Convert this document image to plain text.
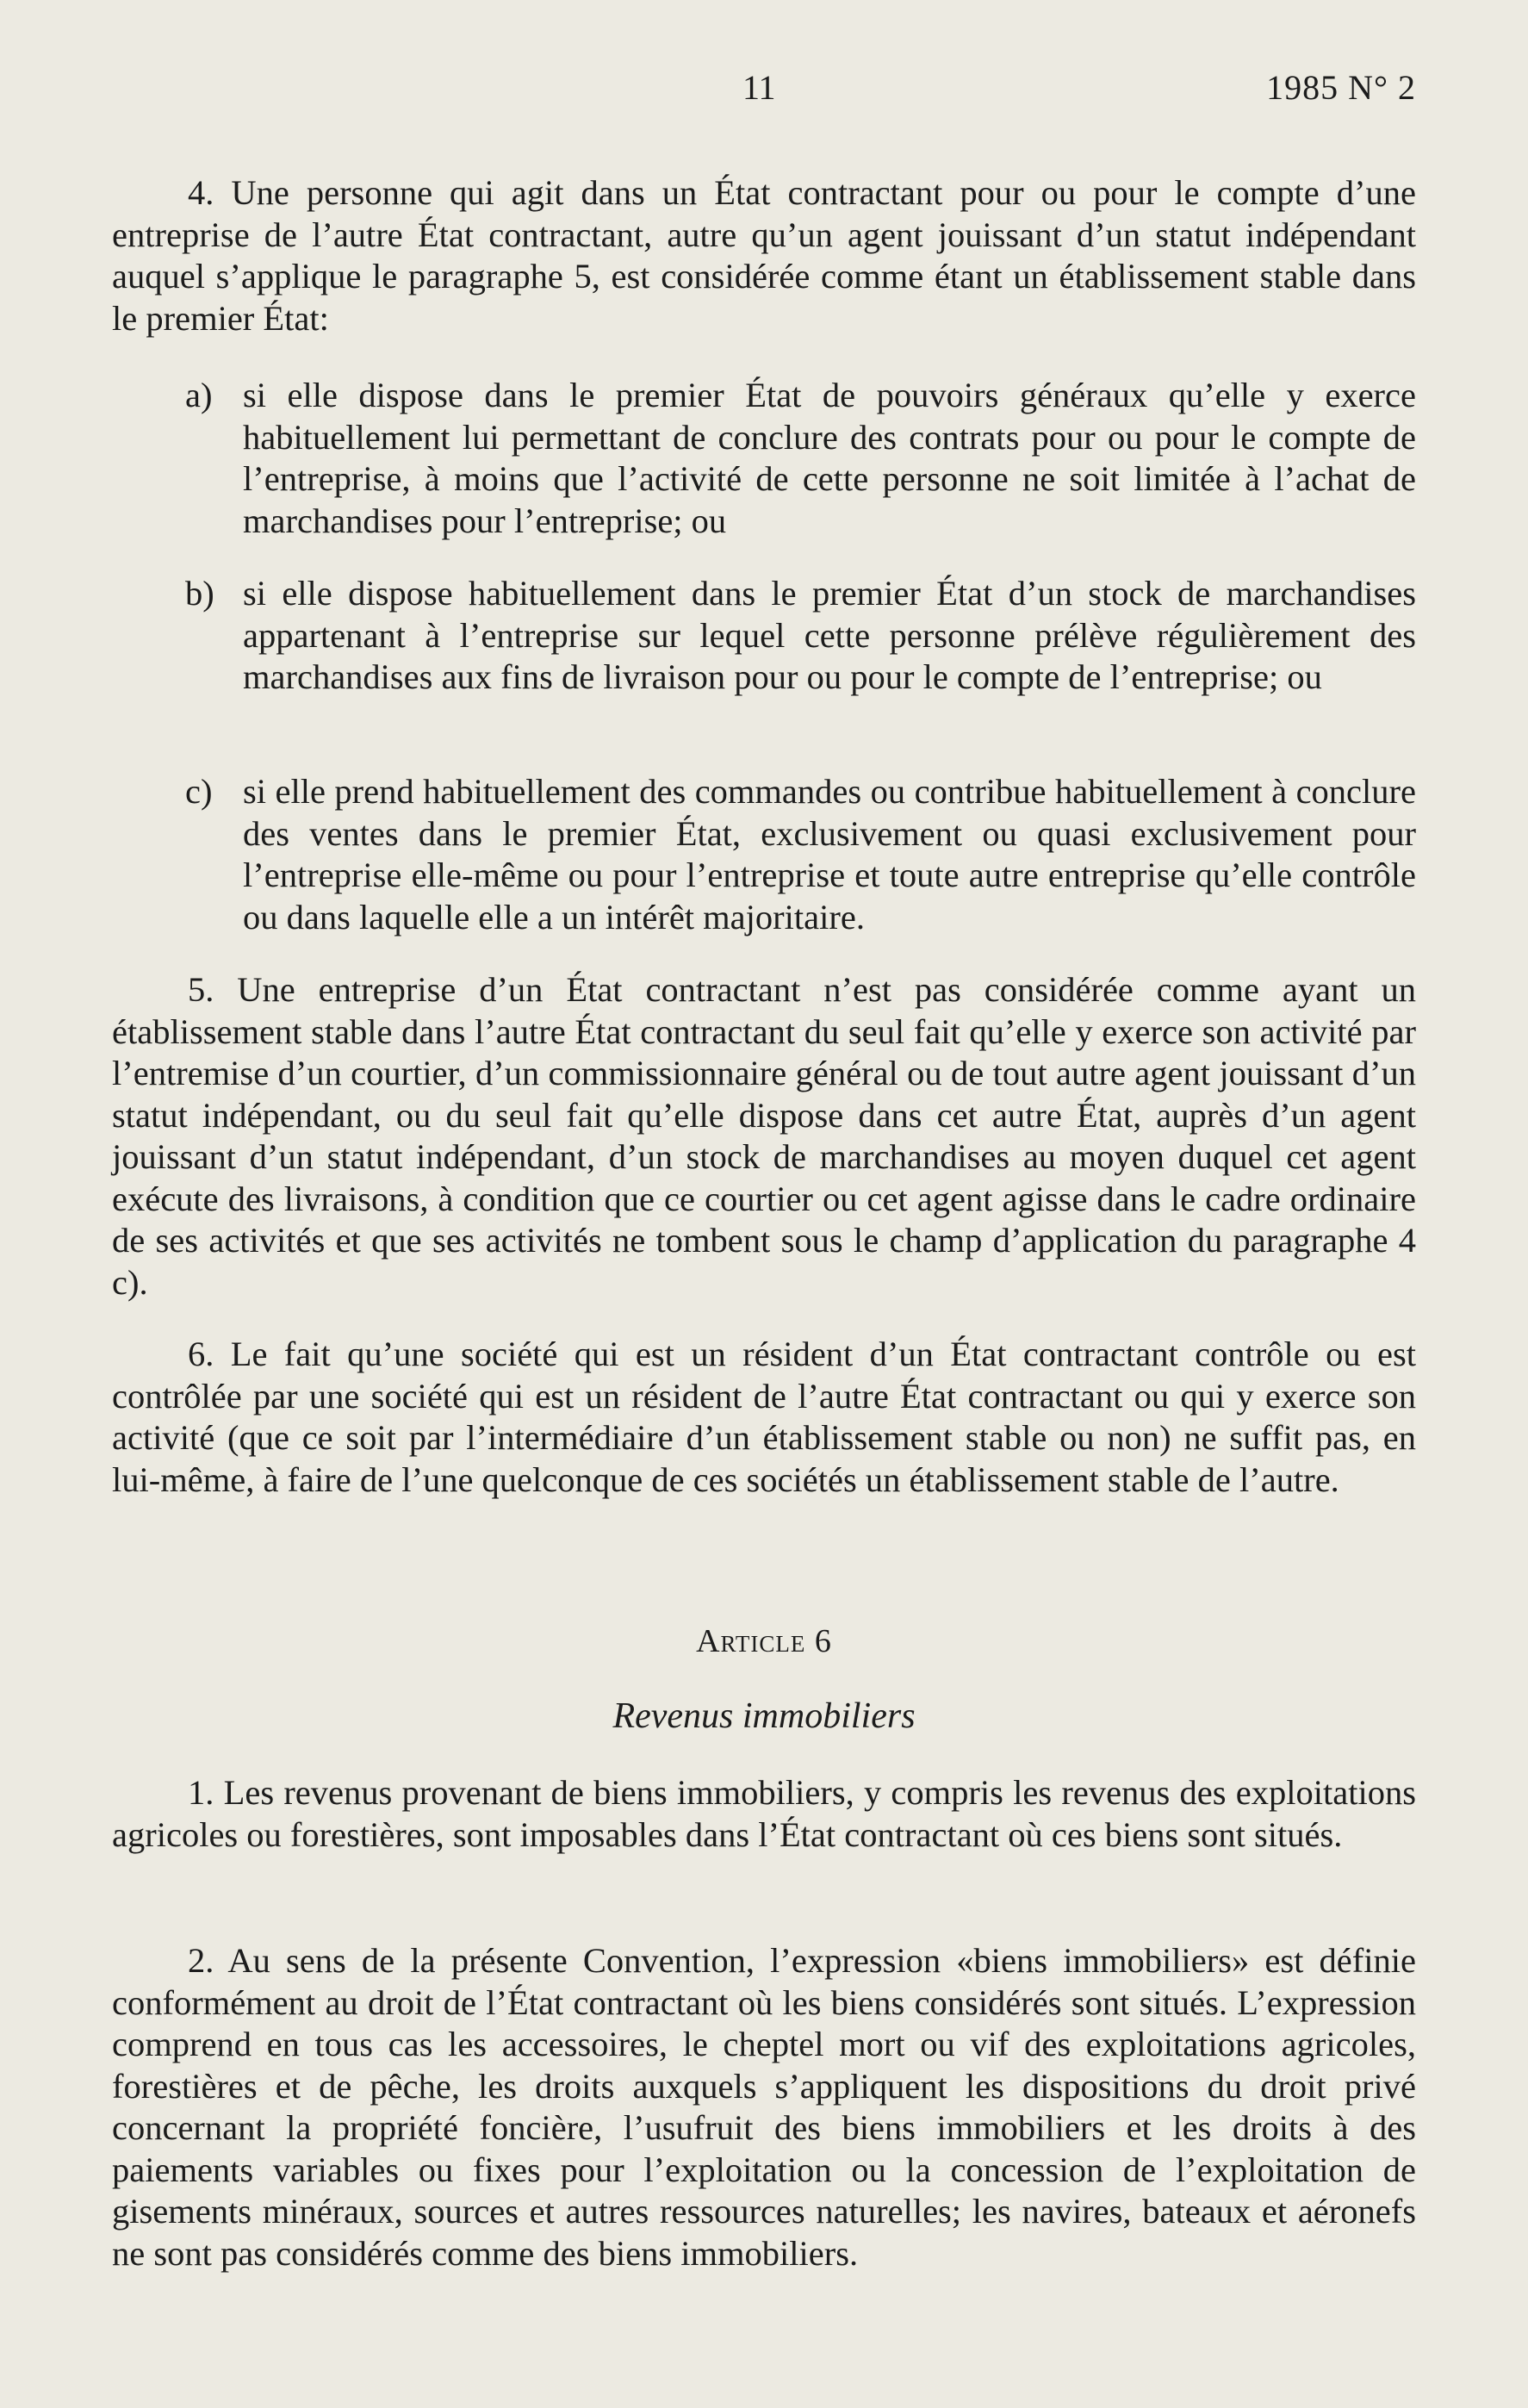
11	1985 N° 2

4. Une personne qui agit dans un État contractant pour ou pour le compte d’une entreprise de l’autre État contractant, autre qu’un agent jouissant d’un statut indépendant auquel s’applique le paragraphe 5, est considérée comme étant un établissement stable dans le premier État:

a) si elle dispose dans le premier État de pouvoirs généraux qu’elle y exerce habituellement lui permettant de conclure des contrats pour ou pour le compte de l’entreprise, à moins que l’activité de cette personne ne soit limitée à l’achat de marchandises pour l’entreprise; ou
b) si elle dispose habituellement dans le premier État d’un stock de marchandises appartenant à l’entreprise sur lequel cette personne prélève régulièrement des marchandises aux fins de livraison pour ou pour le compte de l’entreprise; ou
c) si elle prend habituellement des commandes ou contribue habituellement à conclure des ventes dans le premier État, exclusivement ou quasi exclusivement pour l’entreprise elle-même ou pour l’entreprise et toute autre entreprise qu’elle contrôle ou dans laquelle elle a un intérêt majoritaire.

5. Une entreprise d’un État contractant n’est pas considérée comme ayant un établissement stable dans l’autre État contractant du seul fait qu’elle y exerce son activité par l’entremise d’un courtier, d’un commissionnaire général ou de tout autre agent jouissant d’un statut indépendant, ou du seul fait qu’elle dispose dans cet autre État, auprès d’un agent jouissant d’un statut indépendant, d’un stock de marchandises au moyen duquel cet agent exécute des livraisons, à condition que ce courtier ou cet agent agisse dans le cadre ordinaire de ses activités et que ses activités ne tombent sous le champ d’application du paragraphe 4 c).

6. Le fait qu’une société qui est un résident d’un État contractant contrôle ou est contrôlée par une société qui est un résident de l’autre État contractant ou qui y exerce son activité (que ce soit par l’intermédiaire d’un établissement stable ou non) ne suffit pas, en lui-même, à faire de l’une quelconque de ces sociétés un établissement stable de l’autre.

Article 6
Revenus immobiliers

1. Les revenus provenant de biens immobiliers, y compris les revenus des exploitations agricoles ou forestières, sont imposables dans l’État contractant où ces biens sont situés.

2. Au sens de la présente Convention, l’expression «biens immobiliers» est définie conformément au droit de l’État contractant où les biens considérés sont situés. L’expression comprend en tous cas les accessoires, le cheptel mort ou vif des exploitations agricoles, forestières et de pêche, les droits auxquels s’appliquent les dispositions du droit privé concernant la propriété foncière, l’usufruit des biens immobiliers et les droits à des paiements variables ou fixes pour l’exploitation ou la concession de l’exploitation de gisements minéraux, sources et autres ressources naturelles; les navires, bateaux et aéronefs ne sont pas considérés comme des biens immobiliers.
